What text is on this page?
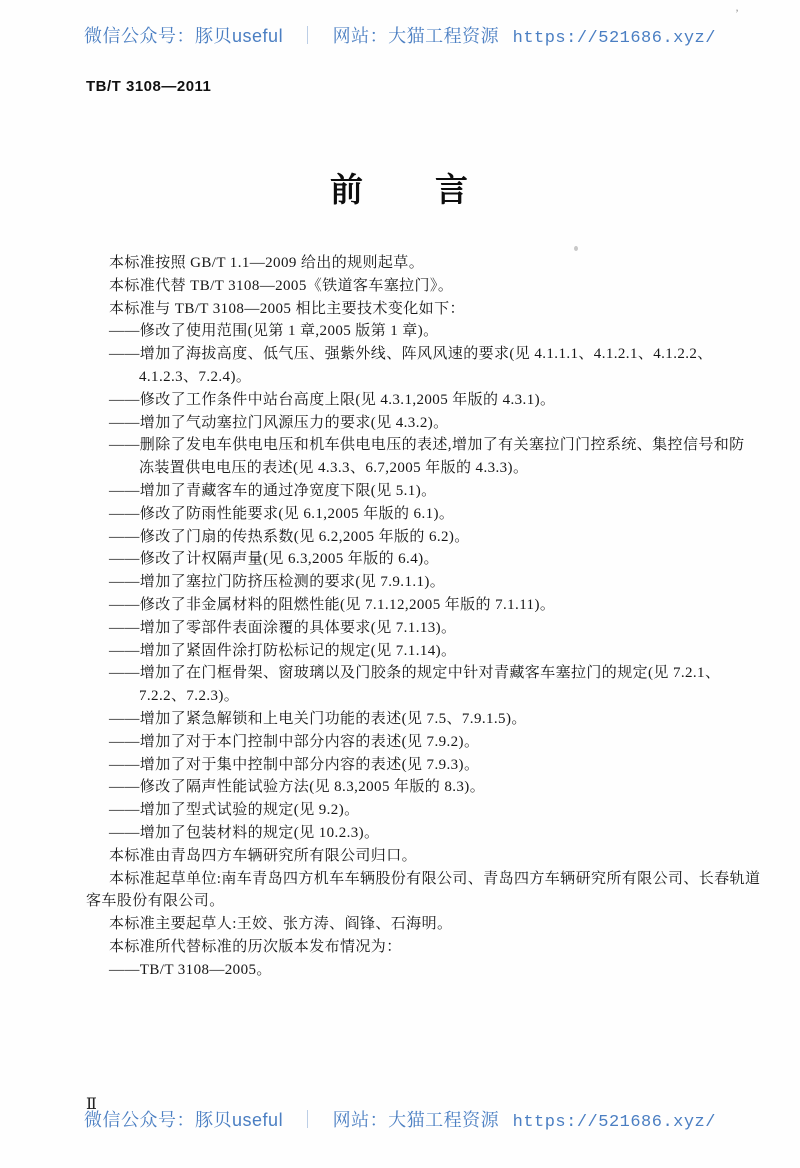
微信公众号：豚贝useful ｜ 网站：大猫工程资源 https://521686.xyz/
’
TB/T 3108—2011
前　　言
本标准按照 GB/T 1.1—2009 给出的规则起草。
本标准代替 TB/T 3108—2005《铁道客车塞拉门》。
本标准与 TB/T 3108—2005 相比主要技术变化如下：
——修改了使用范围(见第 1 章,2005 版第 1 章)。
——增加了海拔高度、低气压、强紫外线、阵风风速的要求(见 4.1.1.1、4.1.2.1、4.1.2.2、
4.1.2.3、7.2.4)。
——修改了工作条件中站台高度上限(见 4.3.1,2005 年版的 4.3.1)。
——增加了气动塞拉门风源压力的要求(见 4.3.2)。
——删除了发电车供电电压和机车供电电压的表述,增加了有关塞拉门门控系统、集控信号和防
冻装置供电电压的表述(见 4.3.3、6.7,2005 年版的 4.3.3)。
——增加了青藏客车的通过净宽度下限(见 5.1)。
——修改了防雨性能要求(见 6.1,2005 年版的 6.1)。
——修改了门扇的传热系数(见 6.2,2005 年版的 6.2)。
——修改了计权隔声量(见 6.3,2005 年版的 6.4)。
——增加了塞拉门防挤压检测的要求(见 7.9.1.1)。
——修改了非金属材料的阻燃性能(见 7.1.12,2005 年版的 7.1.11)。
——增加了零部件表面涂覆的具体要求(见 7.1.13)。
——增加了紧固件涂打防松标记的规定(见 7.1.14)。
——增加了在门框骨架、窗玻璃以及门胶条的规定中针对青藏客车塞拉门的规定(见 7.2.1、
7.2.2、7.2.3)。
——增加了紧急解锁和上电关门功能的表述(见 7.5、7.9.1.5)。
——增加了对于本门控制中部分内容的表述(见 7.9.2)。
——增加了对于集中控制中部分内容的表述(见 7.9.3)。
——修改了隔声性能试验方法(见 8.3,2005 年版的 8.3)。
——增加了型式试验的规定(见 9.2)。
——增加了包装材料的规定(见 10.2.3)。
本标准由青岛四方车辆研究所有限公司归口。
本标准起草单位:南车青岛四方机车车辆股份有限公司、青岛四方车辆研究所有限公司、长春轨道
客车股份有限公司。
本标准主要起草人:王姣、张方涛、阎锋、石海明。
本标准所代替标准的历次版本发布情况为：
——TB/T 3108—2005。
Ⅱ
微信公众号：豚贝useful ｜ 网站：大猫工程资源 https://521686.xyz/
